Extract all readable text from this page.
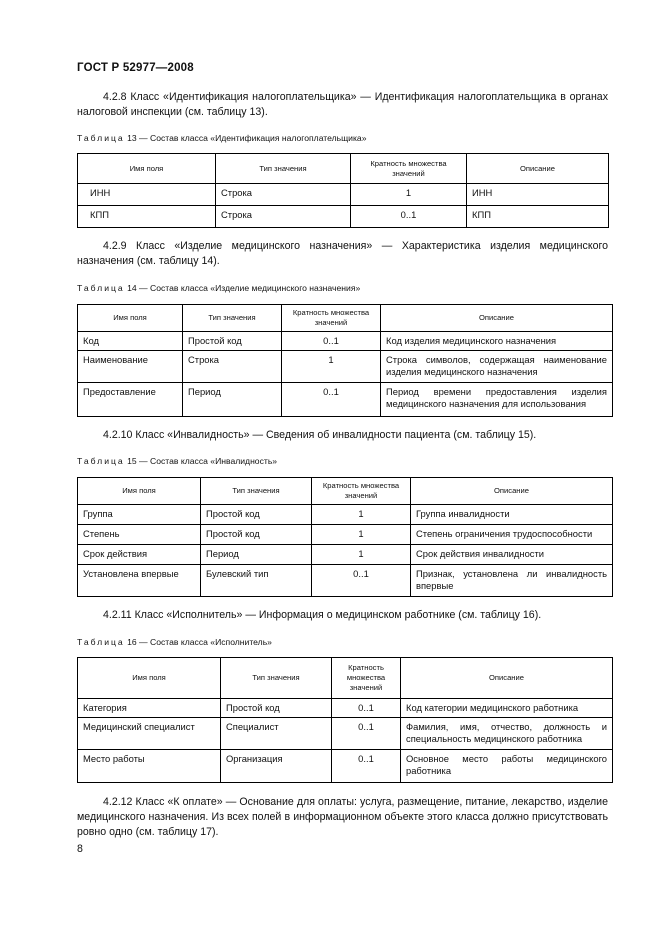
ГОСТ Р 52977—2008
4.2.8 Класс «Идентификация налогоплательщика» — Идентификация налогоплательщика в органах налоговой инспекции (см. таблицу 13).
Таблица 13 — Состав класса «Идентификация налогоплательщика»
Имя поля	Тип значения	Кратность множества значений	Описание
ИНН	Строка	1	ИНН
КПП	Строка	0..1	КПП
4.2.9 Класс «Изделие медицинского назначения» — Характеристика изделия медицинского назначения (см. таблицу 14).
Таблица 14 — Состав класса «Изделие медицинского назначения»
Имя поля	Тип значения	Кратность множества значений	Описание
Код	Простой код	0..1	Код изделия медицинского назначения
Наименование	Строка	1	Строка символов, содержащая наименование изделия медицинского назначения
Предоставление	Период	0..1	Период времени предоставления изделия медицинского назначения для использования
4.2.10 Класс «Инвалидность» — Сведения об инвалидности пациента (см. таблицу 15).
Таблица 15 — Состав класса «Инвалидность»
Имя поля	Тип значения	Кратность множества значений	Описание
Группа	Простой код	1	Группа инвалидности
Степень	Простой код	1	Степень ограничения трудоспособности
Срок действия	Период	1	Срок действия инвалидности
Установлена впервые	Булевский тип	0..1	Признак, установлена ли инвалидность впервые
4.2.11 Класс «Исполнитель» — Информация о медицинском работнике (см. таблицу 16).
Таблица 16 — Состав класса «Исполнитель»
Имя поля	Тип значения	Кратность множества значений	Описание
Категория	Простой код	0..1	Код категории медицинского работника
Медицинский специалист	Специалист	0..1	Фамилия, имя, отчество, должность и специальность медицинского работника
Место работы	Организация	0..1	Основное место работы медицинского работника
4.2.12 Класс «К оплате» — Основание для оплаты: услуга, размещение, питание, лекарство, изделие медицинского назначения. Из всех полей в информационном объекте этого класса должно присутствовать ровно одно (см. таблицу 17).
8
